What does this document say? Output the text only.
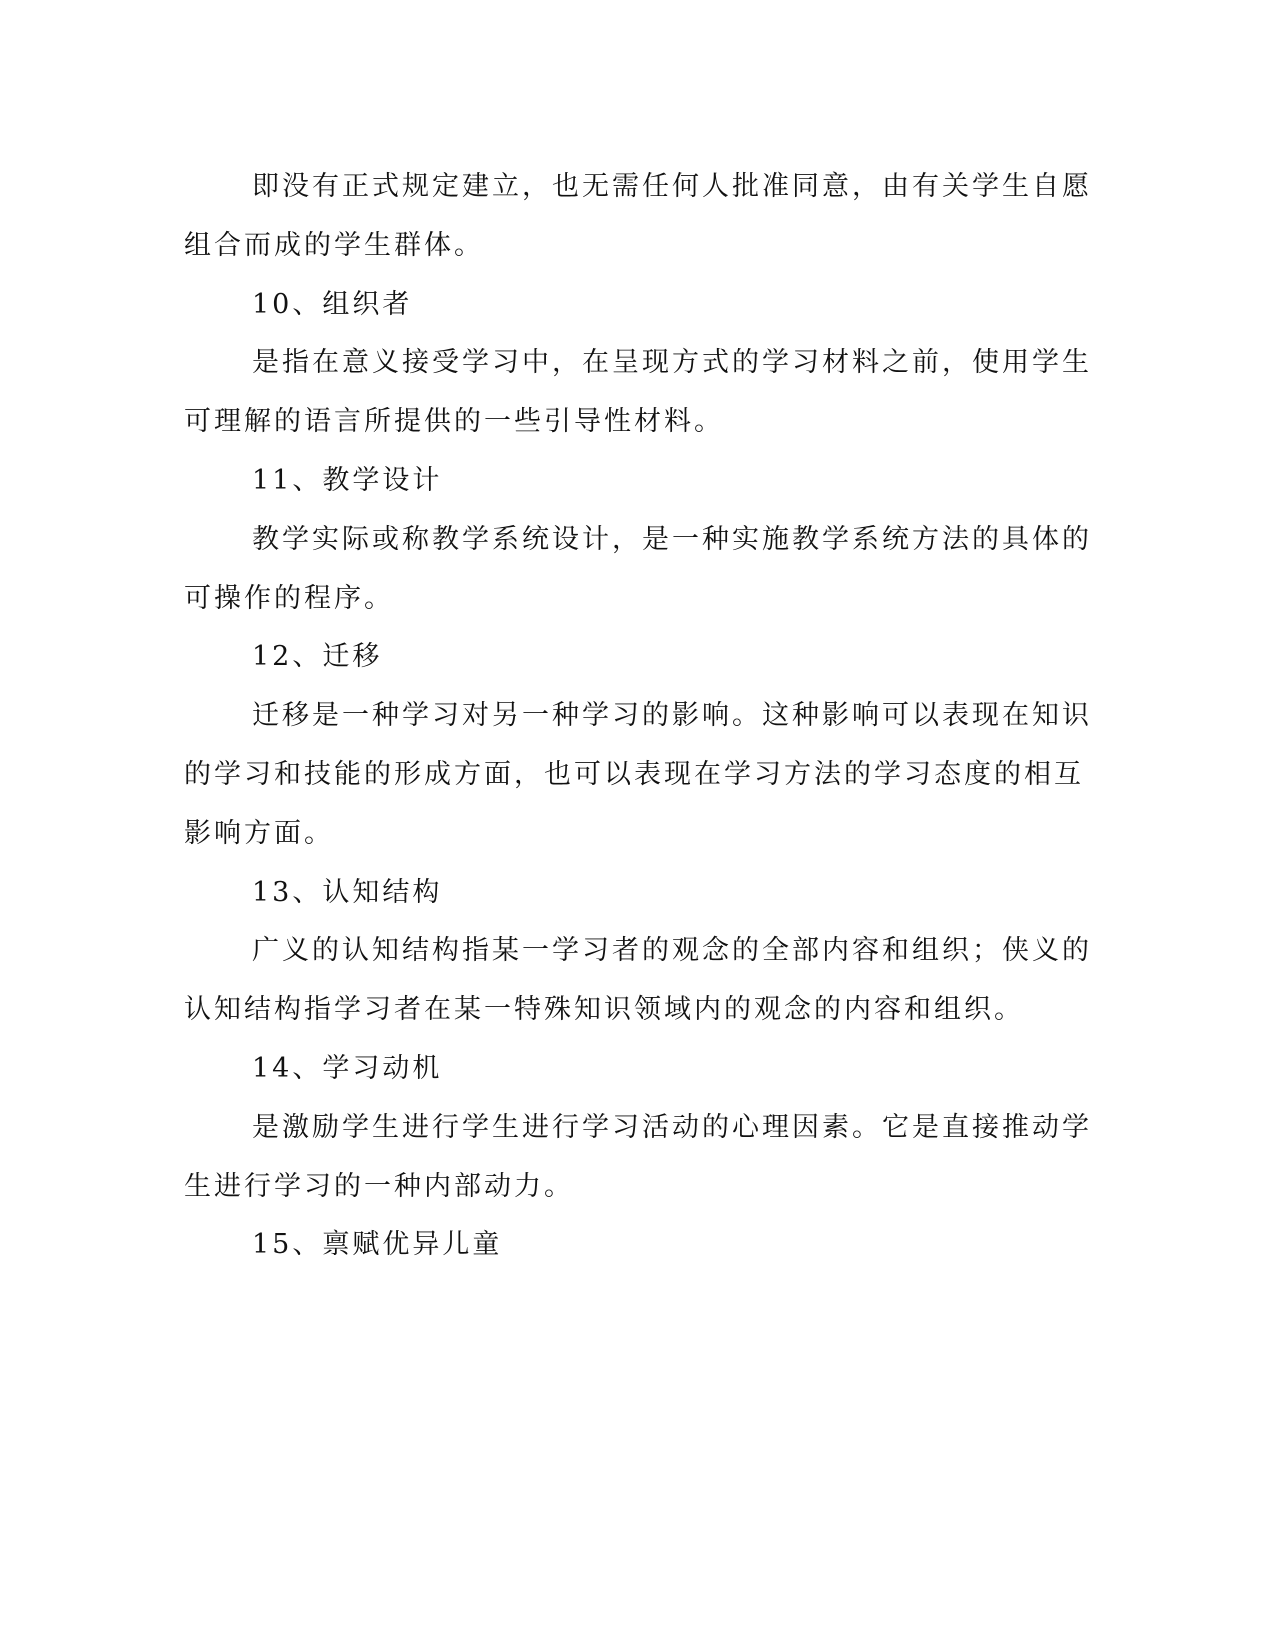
即没有正式规定建立，也无需任何人批准同意，由有关学生自愿
组合而成的学生群体。
10、组织者
是指在意义接受学习中，在呈现方式的学习材料之前，使用学生
可理解的语言所提供的一些引导性材料。
11、教学设计
教学实际或称教学系统设计，是一种实施教学系统方法的具体的
可操作的程序。
12、迁移
迁移是一种学习对另一种学习的影响。这种影响可以表现在知识
的学习和技能的形成方面，也可以表现在学习方法的学习态度的相互
影响方面。
13、认知结构
广义的认知结构指某一学习者的观念的全部内容和组织；侠义的
认知结构指学习者在某一特殊知识领域内的观念的内容和组织。
14、学习动机
是激励学生进行学生进行学习活动的心理因素。它是直接推动学
生进行学习的一种内部动力。
15、禀赋优异儿童
